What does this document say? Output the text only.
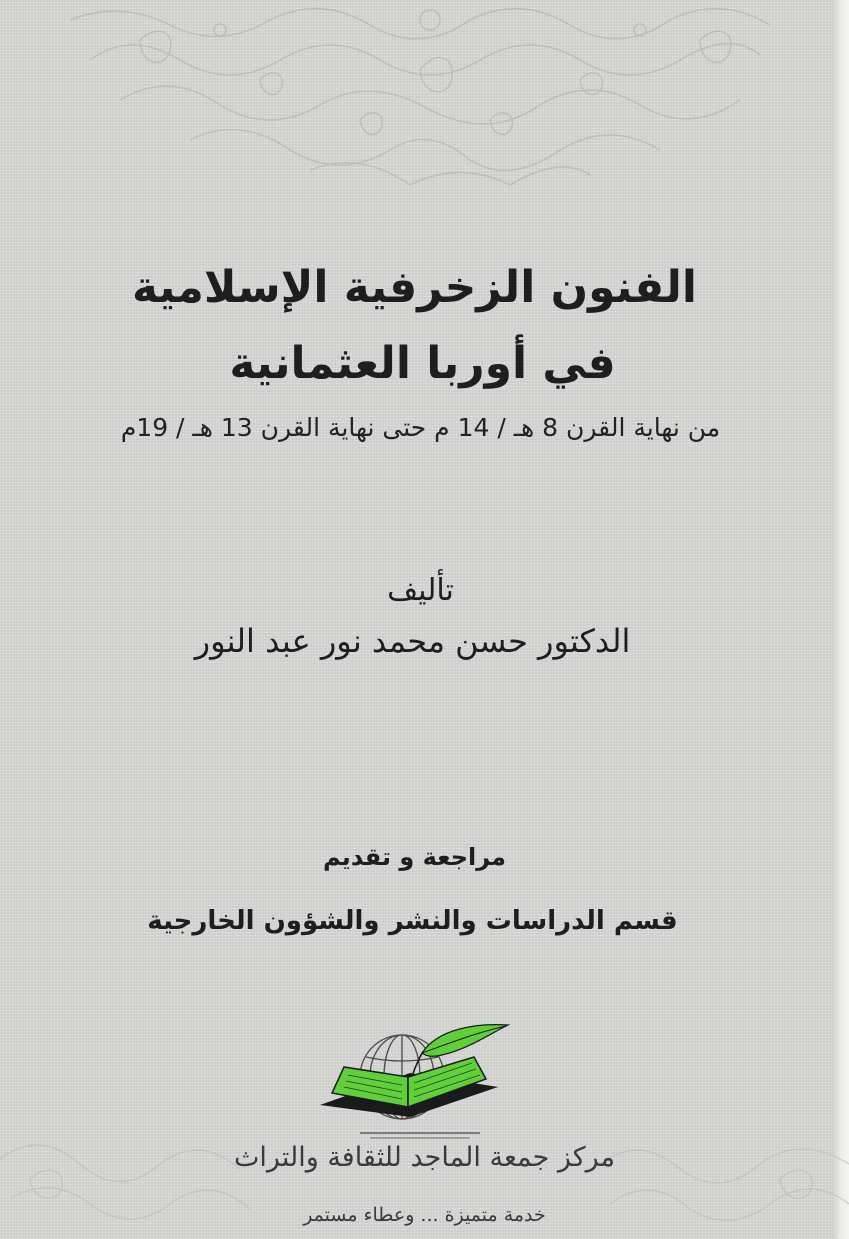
الفنون الزخرفية الإسلامية
في أوربا العثمانية
من نهاية القرن 8 هـ / 14 م حتى نهاية القرن 13 هـ / 19م
تأليف
الدكتور حسن محمد نور عبد النور
مراجعة و تقديم
قسم الدراسات والنشر والشؤون الخارجية
مركز جمعة الماجد للثقافة والتراث
خدمة متميزة ... وعطاء مستمر
